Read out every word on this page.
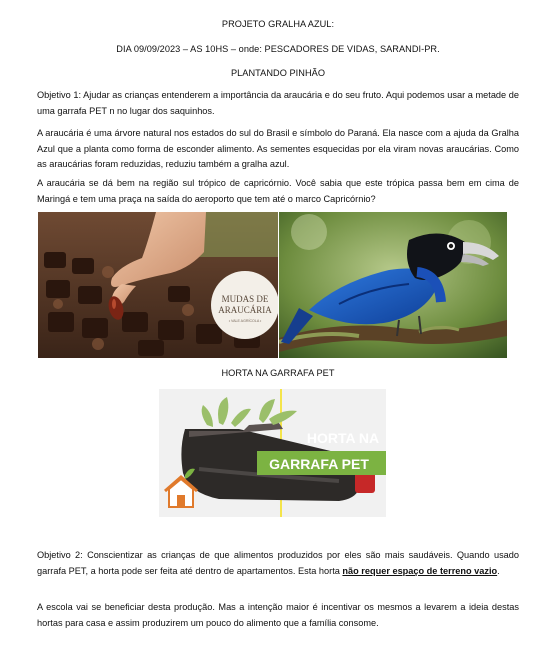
PROJETO GRALHA AZUL:
DIA 09/09/2023 – AS 10HS – onde: PESCADORES DE VIDAS, SARANDI-PR.
PLANTANDO PINHÃO
Objetivo 1: Ajudar as crianças entenderem a importância da araucária e do seu fruto. Aqui podemos usar a metade de uma garrafa PET n no lugar dos saquinhos.
A araucária é uma árvore natural nos estados do sul do Brasil e símbolo do Paraná. Ela nasce com a ajuda da Gralha Azul que a planta como forma de esconder alimento. As sementes esquecidas por ela viram novas araucárias. Como as araucárias foram reduzidas, reduziu também a gralha azul.
A araucária se dá bem na região sul trópico de capricórnio. Você sabia que este trópica passa bem em cima de Maringá e tem uma praça na saída do aeroporto que tem até o marco Capricórnio?
MUDAS DE
ARAUCÁRIA
• VALE AGRÍCOLA •
HORTA NA GARRAFA PET
HORTA NA
GARRAFA PET
Objetivo 2: Conscientizar as crianças de que alimentos produzidos por eles são mais saudáveis. Quando usado garrafa PET, a horta pode ser feita até dentro de apartamentos. Esta horta não requer espaço de terreno vazio.
A escola vai se beneficiar desta produção. Mas a intenção maior é incentivar os mesmos a levarem a ideia destas hortas para casa e assim produzirem um pouco do alimento que a família consome.
